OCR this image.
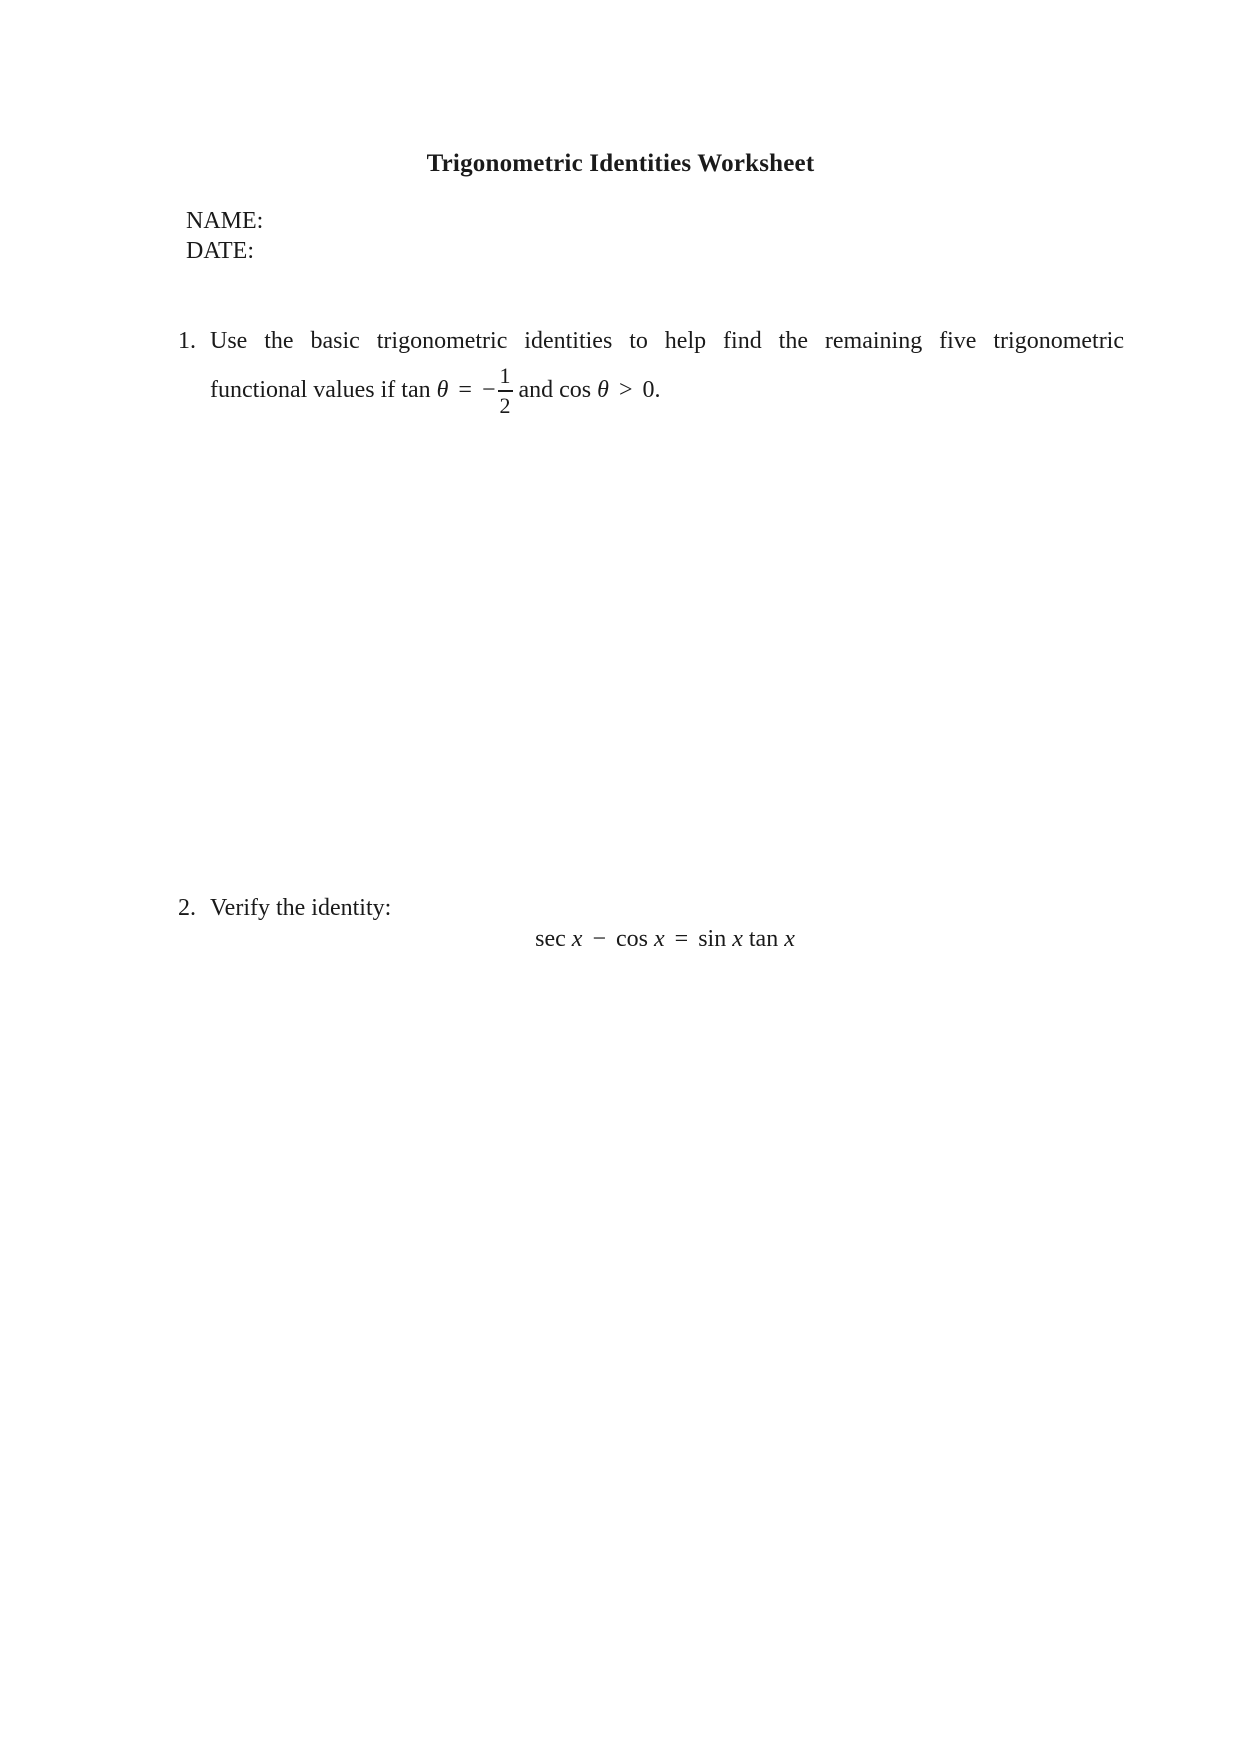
Trigonometric Identities Worksheet
NAME:
DATE:
1. Use the basic trigonometric identities to help find the remaining five trigonometric
functional values if tan θ = − $\frac{1}{2}$ and cos θ > 0.
2. Verify the identity:
sec x − cos x = sin x tan x
